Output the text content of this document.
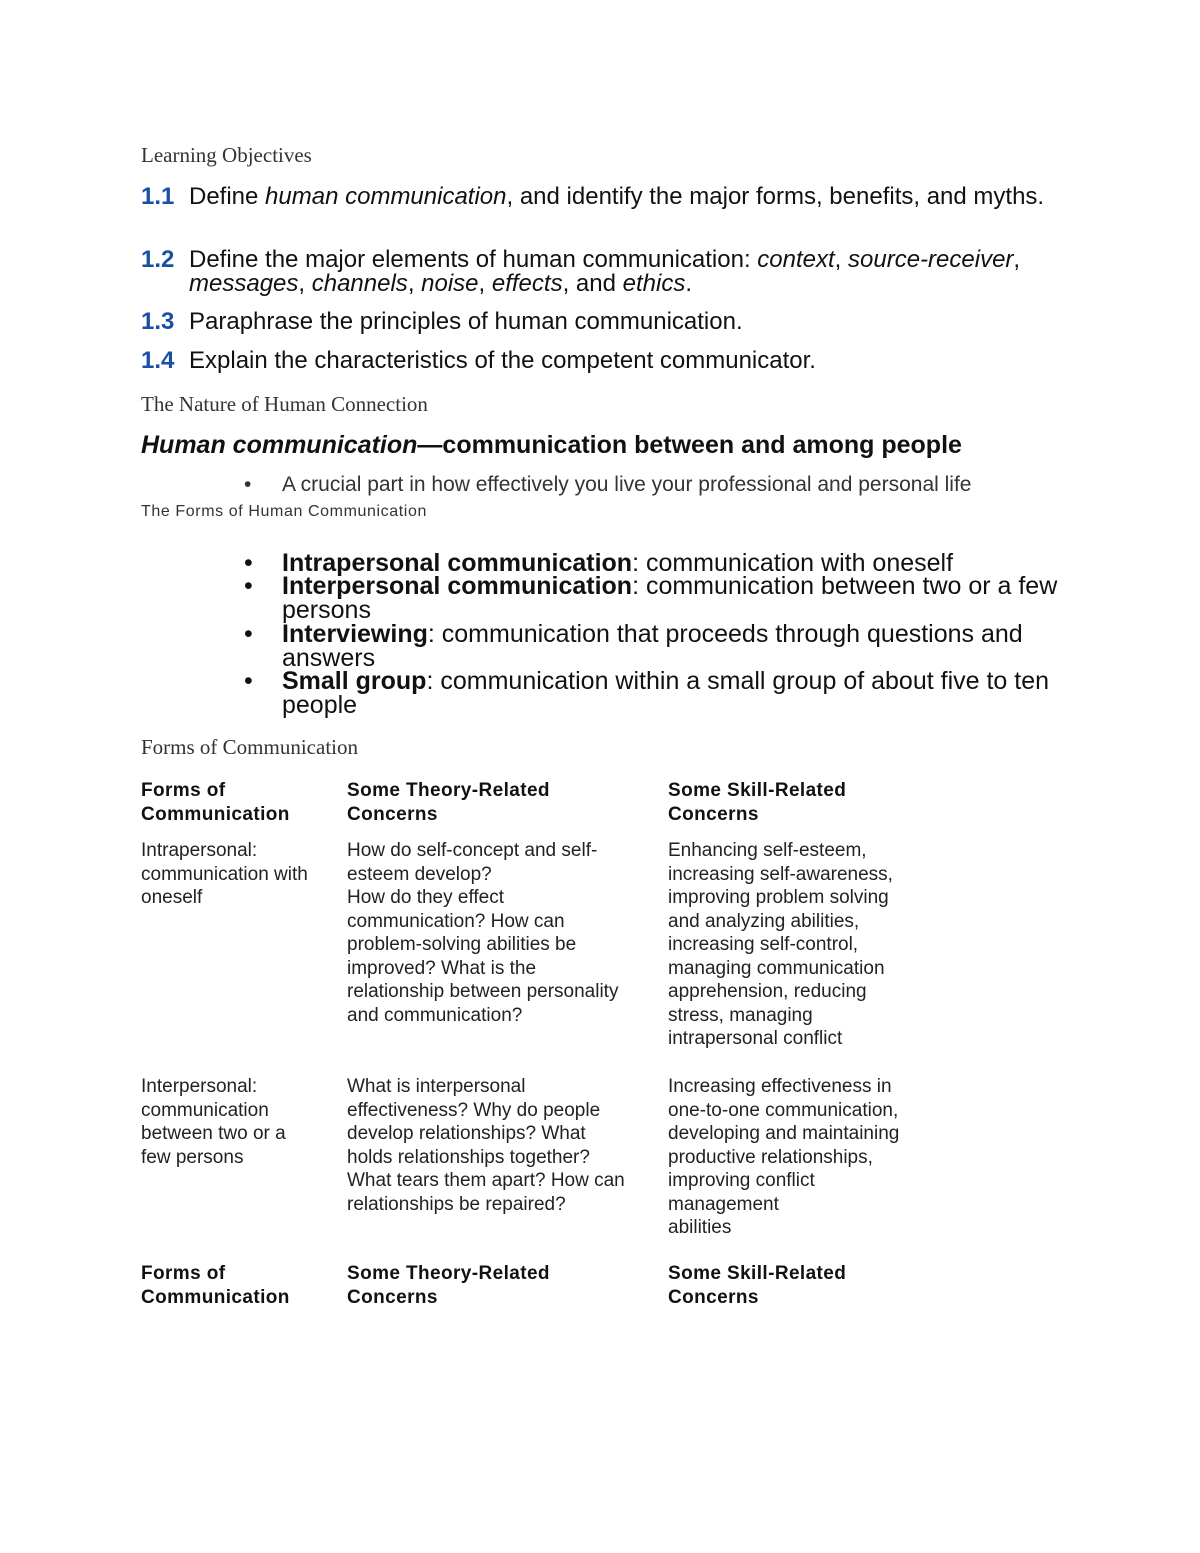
Learning Objectives
1.1 Define human communication, and identify the major forms, benefits, and myths.
1.2 Define the major elements of human communication: context, source-receiver, messages, channels, noise, effects, and ethics.
1.3 Paraphrase the principles of human communication.
1.4 Explain the characteristics of the competent communicator.
The Nature of Human Connection
Human communication—communication between and among people
• A crucial part in how effectively you live your professional and personal life
The Forms of Human Communication
• Intrapersonal communication: communication with oneself
• Interpersonal communication: communication between two or a few persons
• Interviewing: communication that proceeds through questions and answers
• Small group: communication within a small group of about five to ten people
Forms of Communication
Forms of Communication
Some Theory-Related Concerns
Some Skill-Related Concerns
Intrapersonal: communication with oneself
How do self-concept and self-esteem develop?
How do they effect communication? How can problem-solving abilities be improved? What is the relationship between personality and communication?
Enhancing self-esteem, increasing self-awareness, improving problem solving and analyzing abilities, increasing self-control, managing communication apprehension, reducing stress, managing intrapersonal conflict
Interpersonal: communication between two or a few persons
What is interpersonal effectiveness? Why do people develop relationships? What holds relationships together? What tears them apart? How can relationships be repaired?
Increasing effectiveness in one-to-one communication, developing and maintaining productive relationships, improving conflict management
abilities
Forms of Communication
Some Theory-Related Concerns
Some Skill-Related Concerns
